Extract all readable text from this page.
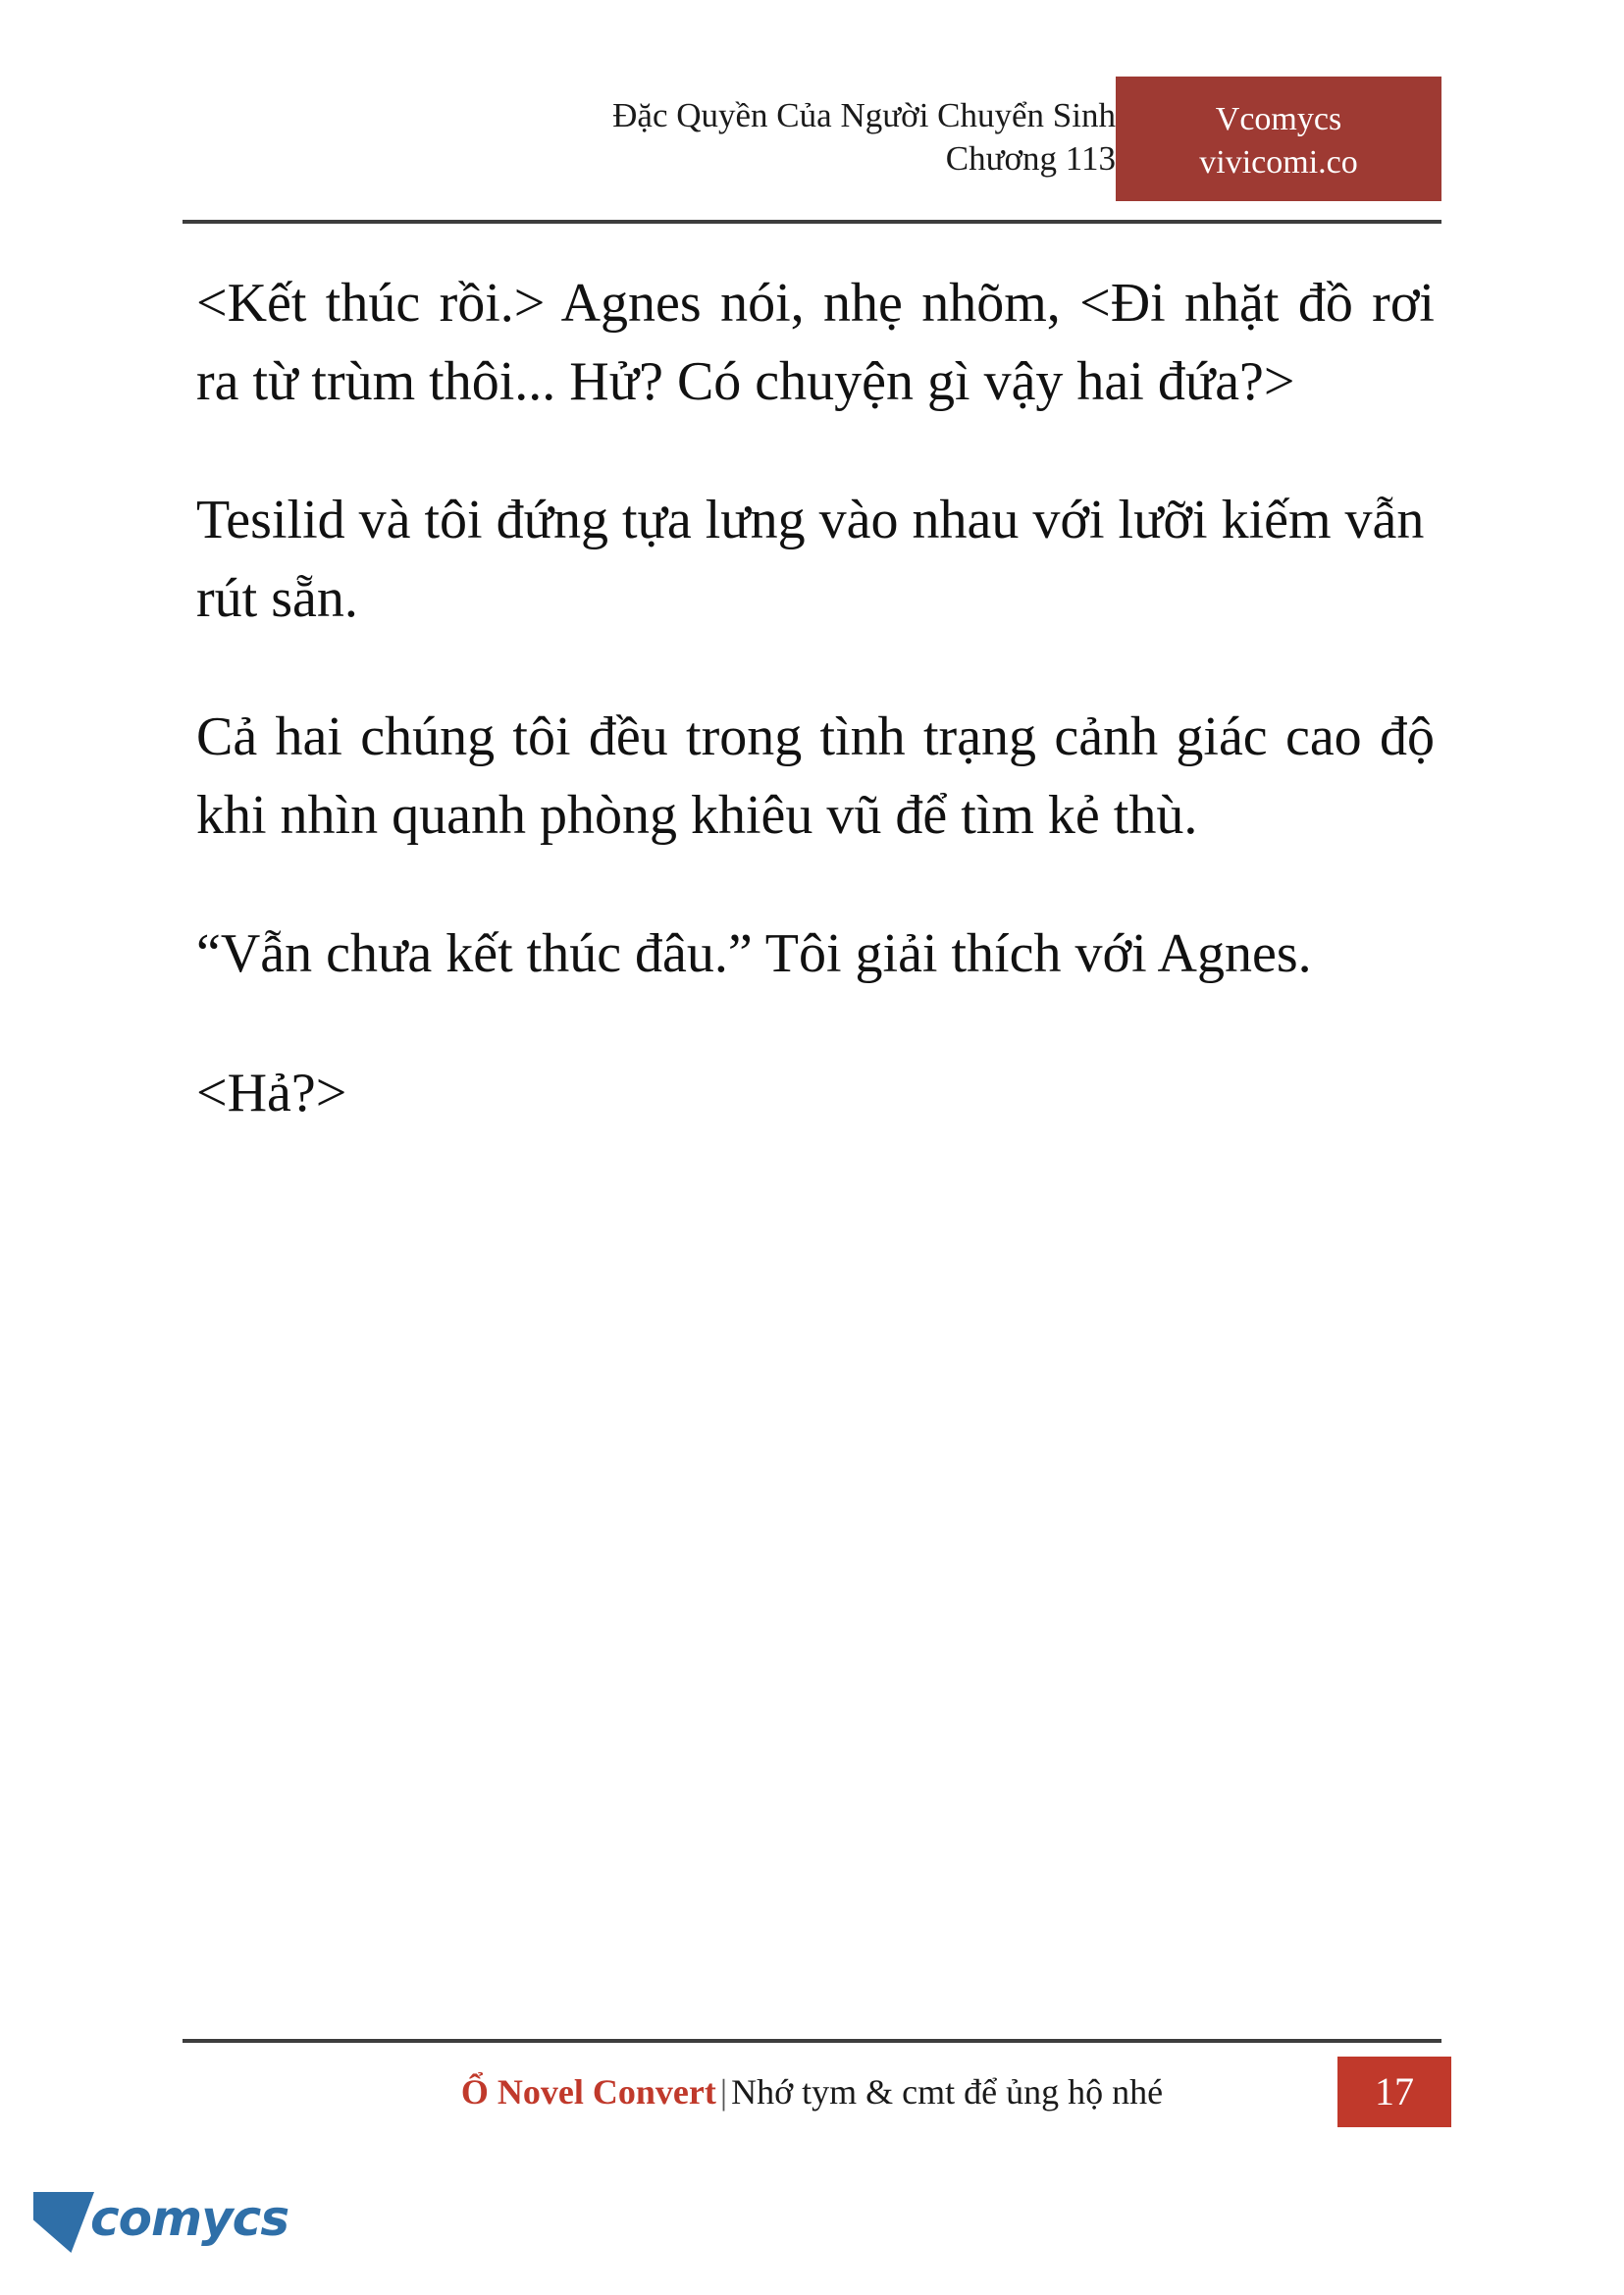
Đặc Quyền Của Người Chuyển Sinh
Chương 113
Vcomycs
vivicomi.co

<Kết thúc rồi.> Agnes nói, nhẹ nhõm, <Đi nhặt đồ rơi ra từ trùm thôi... Hử? Có chuyện gì vậy hai đứa?>

Tesilid và tôi đứng tựa lưng vào nhau với lưỡi kiếm vẫn rút sẵn.

Cả hai chúng tôi đều trong tình trạng cảnh giác cao độ khi nhìn quanh phòng khiêu vũ để tìm kẻ thù.

“Vẫn chưa kết thúc đâu.” Tôi giải thích với Agnes.

<Hả?>

Ổ Novel Convert | Nhớ tym & cmt để ủng hộ nhé	17
comycs
